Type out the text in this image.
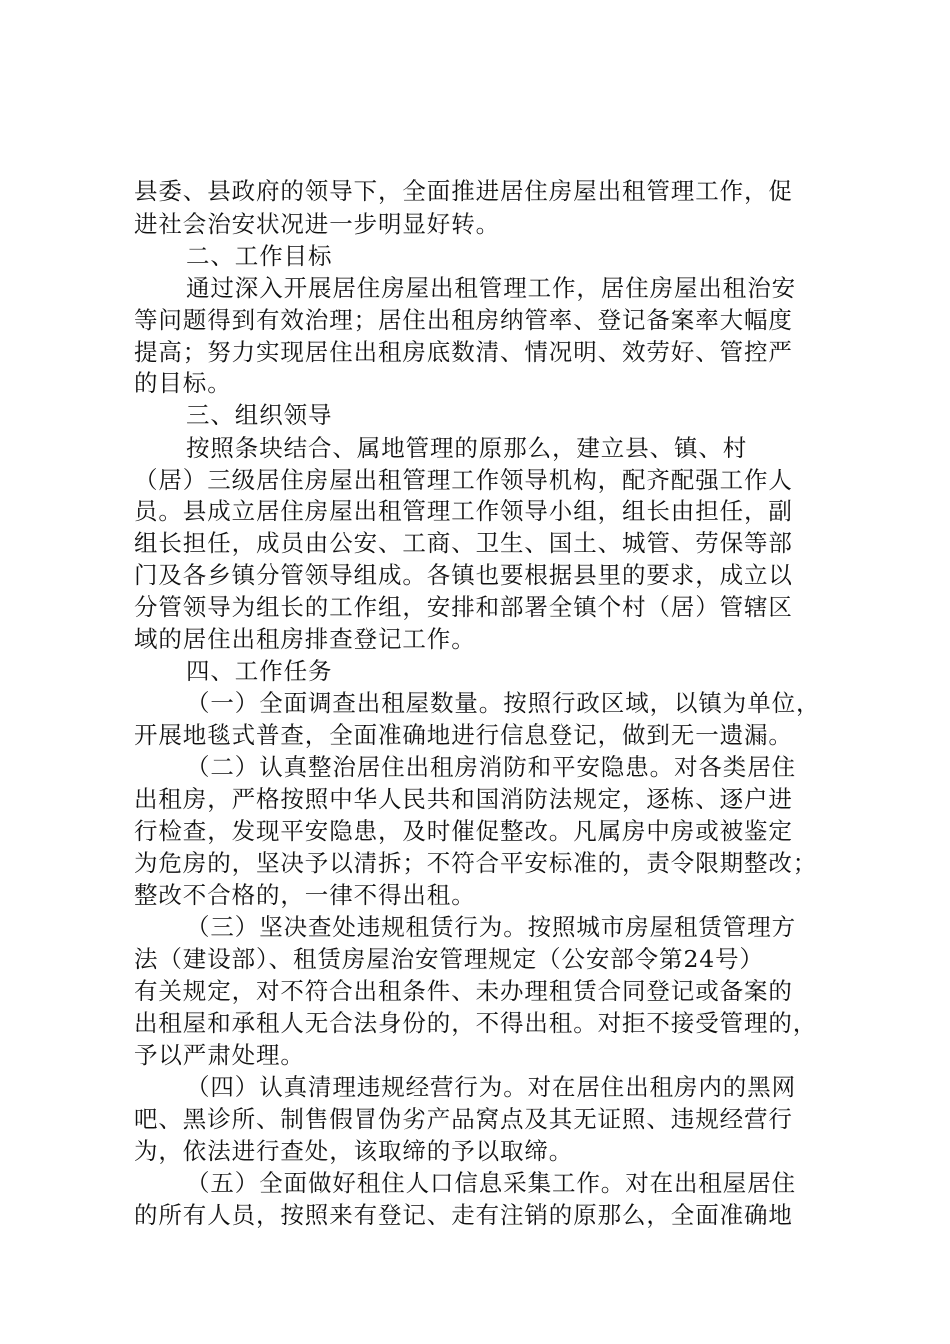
县委、县政府的领导下，全面推进居住房屋出租管理工作，促
进社会治安状况进一步明显好转。
二、工作目标
通过深入开展居住房屋出租管理工作，居住房屋出租治安
等问题得到有效治理；居住出租房纳管率、登记备案率大幅度
提高；努力实现居住出租房底数清、情况明、效劳好、管控严
的目标。
三、组织领导
按照条块结合、属地管理的原那么，建立县、镇、村
（居）三级居住房屋出租管理工作领导机构，配齐配强工作人
员。县成立居住房屋出租管理工作领导小组，组长由担任，副
组长担任，成员由公安、工商、卫生、国土、城管、劳保等部
门及各乡镇分管领导组成。各镇也要根据县里的要求，成立以
分管领导为组长的工作组，安排和部署全镇个村（居）管辖区
域的居住出租房排查登记工作。
四、工作任务
（一）全面调查出租屋数量。按照行政区域，以镇为单位，
开展地毯式普查，全面准确地进行信息登记，做到无一遗漏。
（二）认真整治居住出租房消防和平安隐患。对各类居住
出租房，严格按照中华人民共和国消防法规定，逐栋、逐户进
行检查，发现平安隐患，及时催促整改。凡属房中房或被鉴定
为危房的，坚决予以清拆；不符合平安标准的，责令限期整改；
整改不合格的，一律不得出租。
（三）坚决查处违规租赁行为。按照城市房屋租赁管理方
法（建设部）、租赁房屋治安管理规定（公安部令第24号）
有关规定，对不符合出租条件、未办理租赁合同登记或备案的
出租屋和承租人无合法身份的，不得出租。对拒不接受管理的，
予以严肃处理。
（四）认真清理违规经营行为。对在居住出租房内的黑网
吧、黑诊所、制售假冒伪劣产品窝点及其无证照、违规经营行
为，依法进行查处，该取缔的予以取缔。
（五）全面做好租住人口信息采集工作。对在出租屋居住
的所有人员，按照来有登记、走有注销的原那么，全面准确地
